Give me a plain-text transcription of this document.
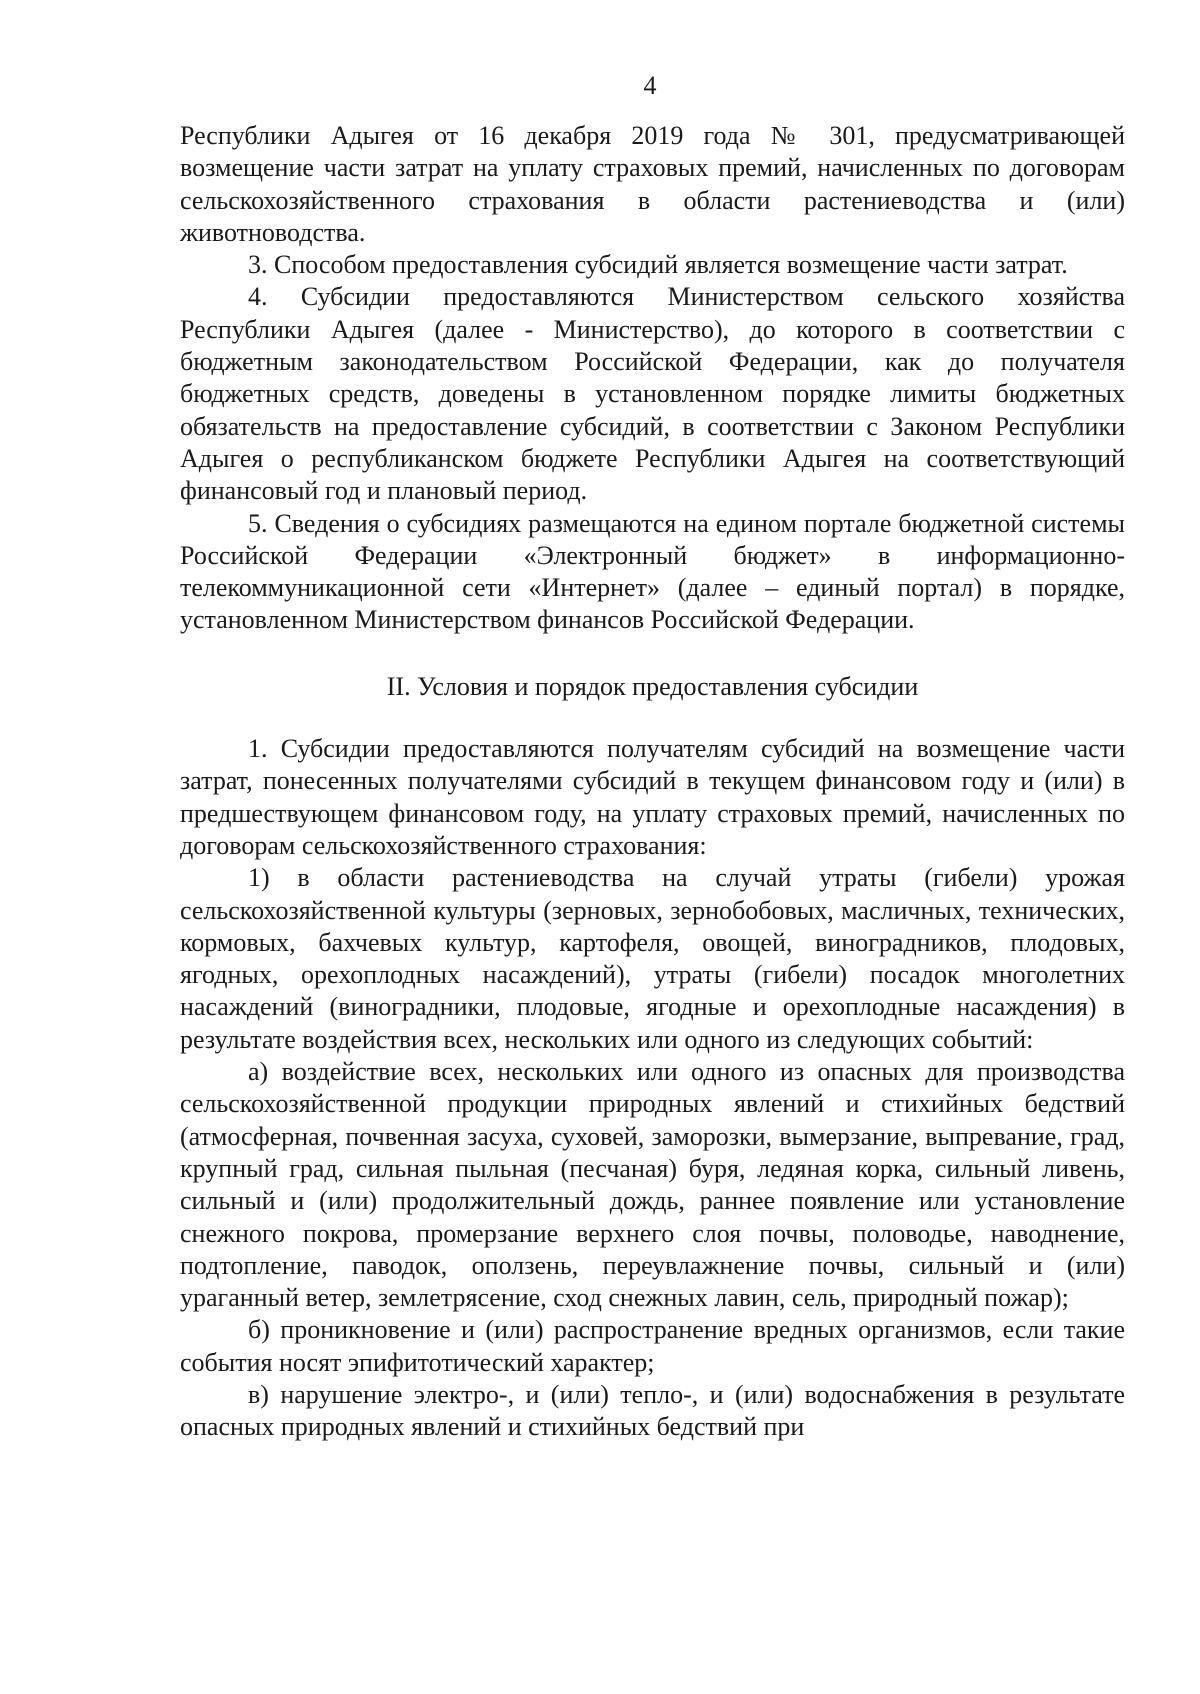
4

Республики Адыгея от 16 декабря 2019 года № 301, предусматривающей возмещение части затрат на уплату страховых премий, начисленных по договорам сельскохозяйственного страхования в области растениеводства и (или) животноводства.

3. Способом предоставления субсидий является возмещение части затрат.

4. Субсидии предоставляются Министерством сельского хозяйства Республики Адыгея (далее - Министерство), до которого в соответствии с бюджетным законодательством Российской Федерации, как до получателя бюджетных средств, доведены в установленном порядке лимиты бюджетных обязательств на предоставление субсидий, в соответствии с Законом Республики Адыгея о республиканском бюджете Республики Адыгея на соответствующий финансовый год и плановый период.

5. Сведения о субсидиях размещаются на едином портале бюджетной системы Российской Федерации «Электронный бюджет» в информационно-телекоммуникационной сети «Интернет» (далее – единый портал) в порядке, установленном Министерством финансов Российской Федерации.

II. Условия и порядок предоставления субсидии

1. Субсидии предоставляются получателям субсидий на возмещение части затрат, понесенных получателями субсидий в текущем финансовом году и (или) в предшествующем финансовом году, на уплату страховых премий, начисленных по договорам сельскохозяйственного страхования:

1) в области растениеводства на случай утраты (гибели) урожая сельскохозяйственной культуры (зерновых, зернобобовых, масличных, технических, кормовых, бахчевых культур, картофеля, овощей, виноградников, плодовых, ягодных, орехоплодных насаждений), утраты (гибели) посадок многолетних насаждений (виноградники, плодовые, ягодные и орехоплодные насаждения) в результате воздействия всех, нескольких или одного из следующих событий:

а) воздействие всех, нескольких или одного из опасных для производства сельскохозяйственной продукции природных явлений и стихийных бедствий (атмосферная, почвенная засуха, суховей, заморозки, вымерзание, выпревание, град, крупный град, сильная пыльная (песчаная) буря, ледяная корка, сильный ливень, сильный и (или) продолжительный дождь, раннее появление или установление снежного покрова, промерзание верхнего слоя почвы, половодье, наводнение, подтопление, паводок, оползень, переувлажнение почвы, сильный и (или) ураганный ветер, землетрясение, сход снежных лавин, сель, природный пожар);

б) проникновение и (или) распространение вредных организмов, если такие события носят эпифитотический характер;

в) нарушение электро-, и (или) тепло-, и (или) водоснабжения в результате опасных природных явлений и стихийных бедствий при
